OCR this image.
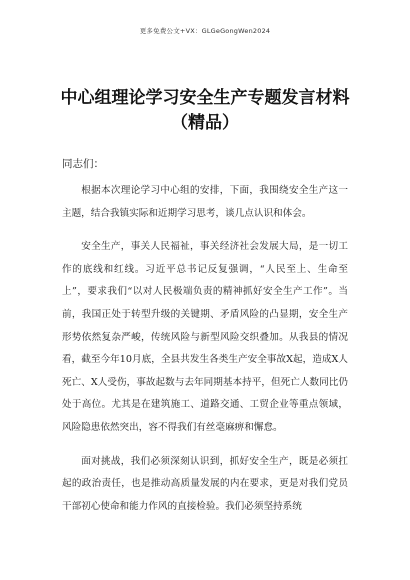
更多免费公文+VX：GLGeGongWen2024
中心组理论学习安全生产专题发言材料
（精品）
同志们：

根据本次理论学习中心组的安排，下面，我围绕安全生产这一主题，结合我镇实际和近期学习思考，谈几点认识和体会。

安全生产，事关人民福祉，事关经济社会发展大局，是一切工作的底线和红线。习近平总书记反复强调，“人民至上、生命至上”，要求我们“以对人民极端负责的精神抓好安全生产工作”。当前，我国正处于转型升级的关键期、矛盾风险的凸显期，安全生产形势依然复杂严峻，传统风险与新型风险交织叠加。从我县的情况看，截至今年10月底，全县共发生各类生产安全事故X起，造成X人死亡、X人受伤，事故起数与去年同期基本持平，但死亡人数同比仍处于高位。尤其是在建筑施工、道路交通、工贸企业等重点领域，风险隐患依然突出，容不得我们有丝毫麻痹和懈怠。

面对挑战，我们必须深刻认识到，抓好安全生产，既是必须扛起的政治责任，也是推动高质量发展的内在要求，更是对我们党员干部初心使命和能力作风的直接检验。我们必须坚持系统
